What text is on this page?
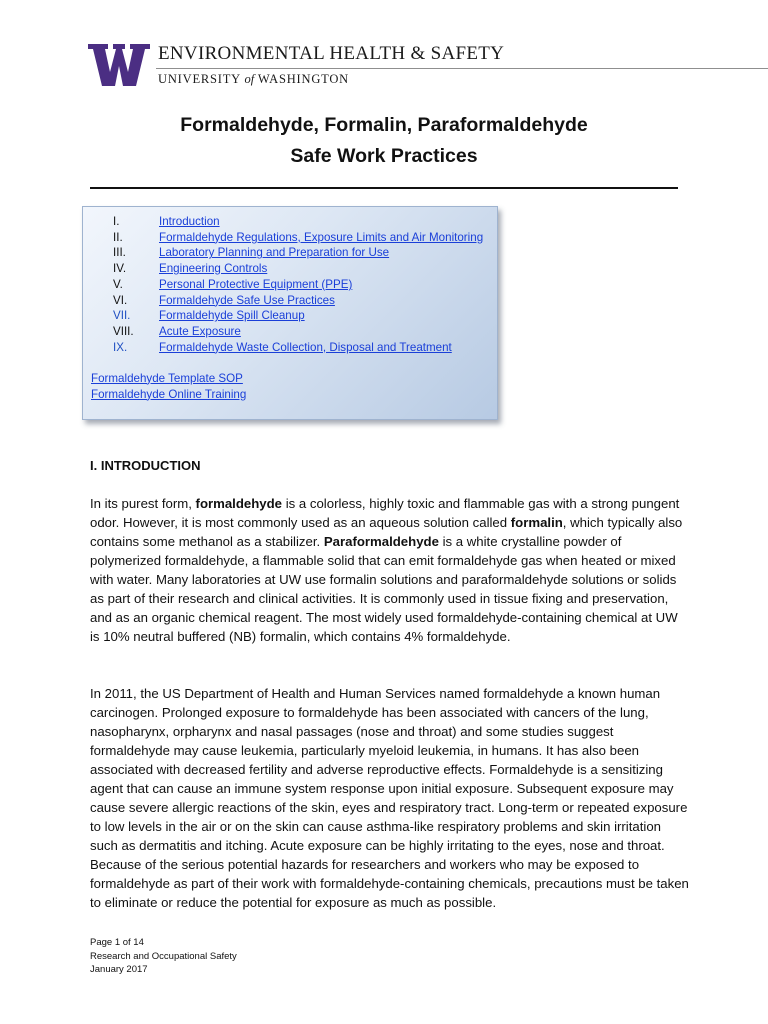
ENVIRONMENTAL HEALTH & SAFETY
UNIVERSITY of WASHINGTON
Formaldehyde, Formalin, Paraformaldehyde
Safe Work Practices
I.	Introduction
II.	Formaldehyde Regulations, Exposure Limits and Air Monitoring
III.	Laboratory Planning and Preparation for Use
IV.	Engineering Controls
V.	Personal Protective Equipment (PPE)
VI.	Formaldehyde Safe Use Practices
VII. Formaldehyde Spill Cleanup
VIII. Acute Exposure
IX.	Formaldehyde Waste Collection, Disposal and Treatment
Formaldehyde Template SOP
Formaldehyde Online Training
I. INTRODUCTION
In its purest form, formaldehyde is a colorless, highly toxic and flammable gas with a strong pungent odor. However, it is most commonly used as an aqueous solution called formalin, which typically also contains some methanol as a stabilizer. Paraformaldehyde is a white crystalline powder of polymerized formaldehyde, a flammable solid that can emit formaldehyde gas when heated or mixed with water. Many laboratories at UW use formalin solutions and paraformaldehyde solutions or solids as part of their research and clinical activities. It is commonly used in tissue fixing and preservation, and as an organic chemical reagent. The most widely used formaldehyde-containing chemical at UW is 10% neutral buffered (NB) formalin, which contains 4% formaldehyde.
In 2011, the US Department of Health and Human Services named formaldehyde a known human carcinogen. Prolonged exposure to formaldehyde has been associated with cancers of the lung, nasopharynx, orpharynx and nasal passages (nose and throat) and some studies suggest formaldehyde may cause leukemia, particularly myeloid leukemia, in humans. It has also been associated with decreased fertility and adverse reproductive effects. Formaldehyde is a sensitizing agent that can cause an immune system response upon initial exposure. Subsequent exposure may cause severe allergic reactions of the skin, eyes and respiratory tract. Long-term or repeated exposure to low levels in the air or on the skin can cause asthma-like respiratory problems and skin irritation such as dermatitis and itching. Acute exposure can be highly irritating to the eyes, nose and throat. Because of the serious potential hazards for researchers and workers who may be exposed to formaldehyde as part of their work with formaldehyde-containing chemicals, precautions must be taken to eliminate or reduce the potential for exposure as much as possible.
Page 1 of 14
Research and Occupational Safety
January 2017
